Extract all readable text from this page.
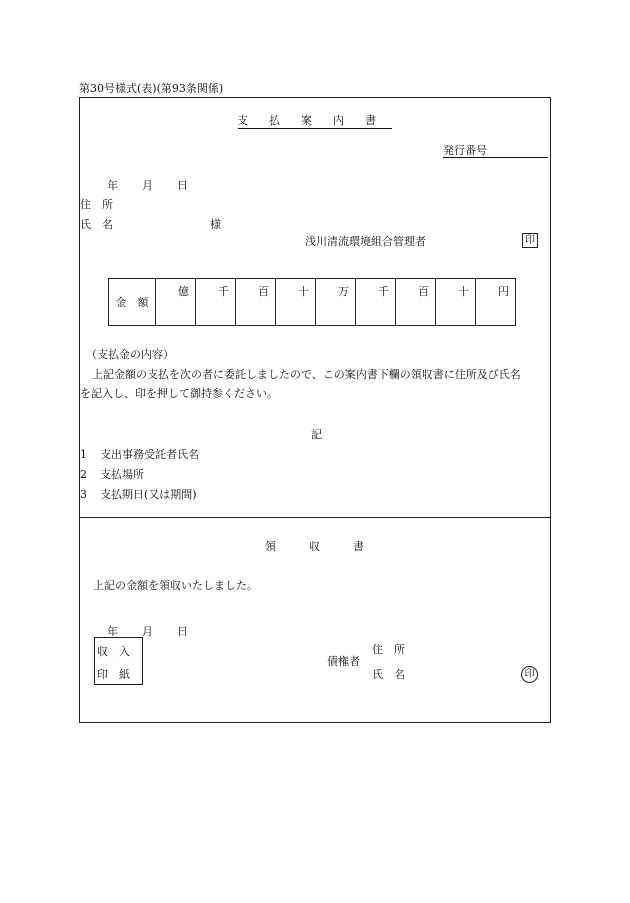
第30号様式(表)(第93条関係)
支 払 案 内 書
発行番号
年 月 日
住　所
氏　名	様
浅川清流環境組合管理者	印
金　額	億	千	百	十	万	千	百	十	円
（支払金の内容）
上記金額の支払を次の者に委託しましたので、この案内書下欄の領収書に住所及び氏名
を記入し、印を押して御持参ください。
記
1 支出事務受託者氏名
2 支払場所
3 支払期日(又は期間)
領	収	書
上記の金額を領収いたしました。
年 月 日
収　入
印　紙
債権者
住　所
氏　名	印
